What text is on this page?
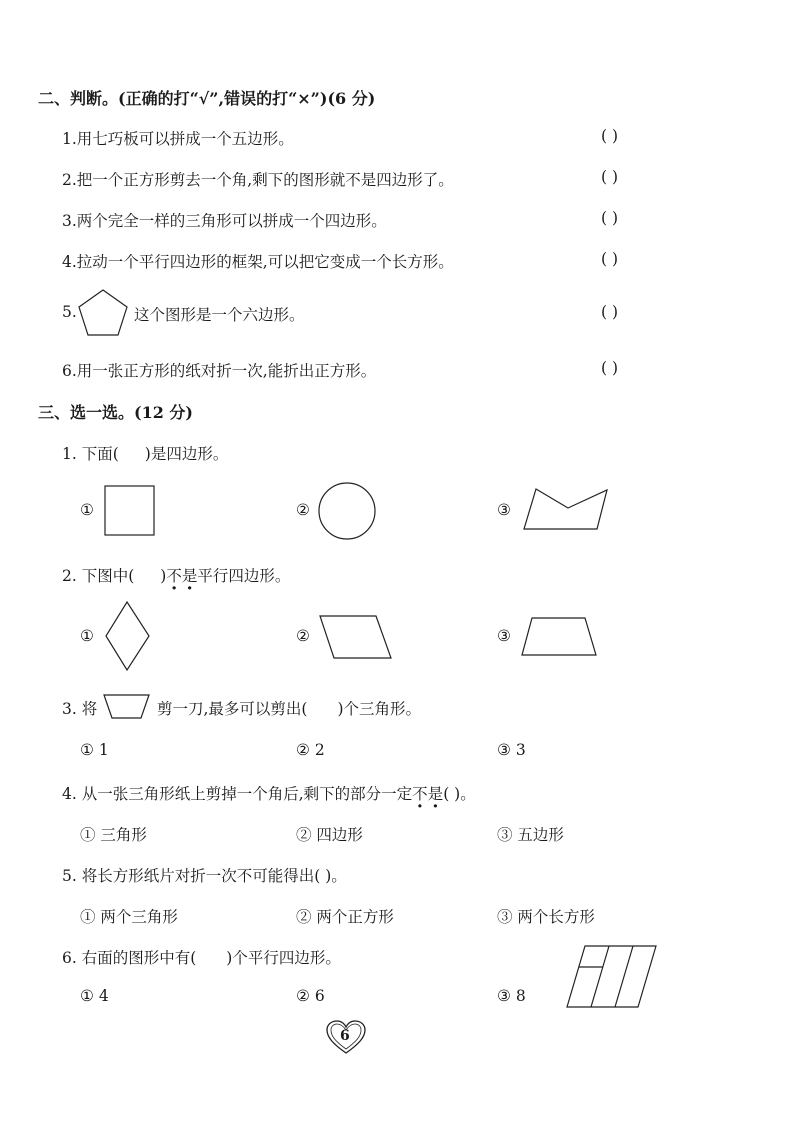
二、判断。(正确的打“√”,错误的打“×”)(6 分)
1.用七巧板可以拼成一个五边形。	( )
2.把一个正方形剪去一个角,剩下的图形就不是四边形了。	( )
3.两个完全一样的三角形可以拼成一个四边形。	( )
4.拉动一个平行四边形的框架,可以把它变成一个长方形。	( )
5.	这个图形是一个六边形。	( )
6.用一张正方形的纸对折一次,能折出正方形。	( )
三、选一选。(12 分)
1. 下面( )是四边形。
①	②	③
2. 下图中( )不是平行四边形。
①	②	③
3. 将	剪一刀,最多可以剪出( )个三角形。
① 1	② 2	③ 3
4. 从一张三角形纸上剪掉一个角后,剩下的部分一定不是( )。
① 三角形	② 四边形	③ 五边形
5. 将长方形纸片对折一次不可能得出( )。
① 两个三角形	② 两个正方形	③ 两个长方形
6. 右面的图形中有( )个平行四边形。
① 4	② 6	③ 8
6
